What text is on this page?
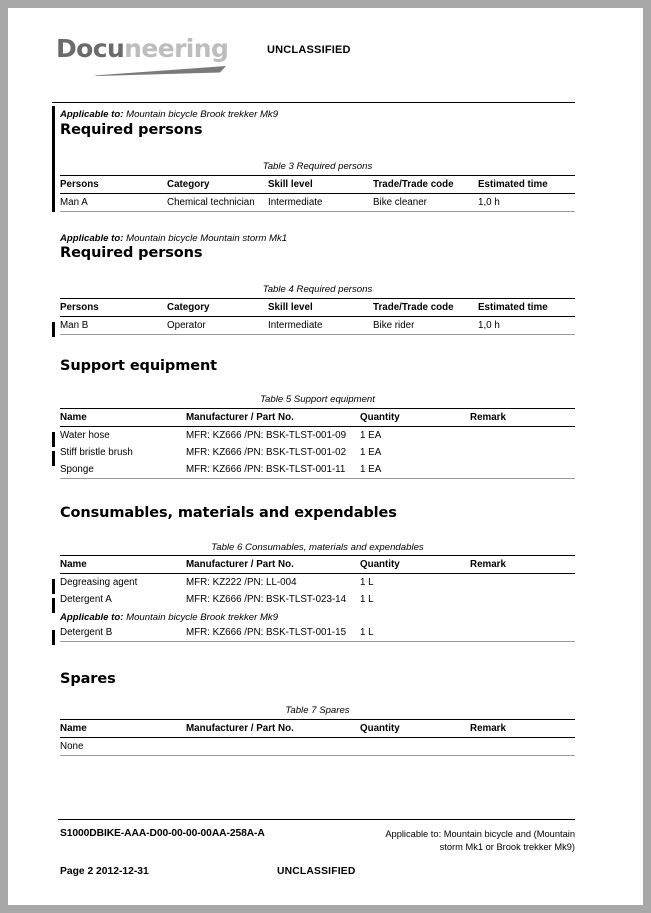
Docuneering	UNCLASSIFIED
Applicable to: Mountain bicycle Brook trekker Mk9
Required persons
Table 3 Required persons
Persons	Category	Skill level	Trade/Trade code	Estimated time
Man A	Chemical technician	Intermediate	Bike cleaner	1,0 h
Applicable to: Mountain bicycle Mountain storm Mk1
Required persons
Table 4 Required persons
Persons	Category	Skill level	Trade/Trade code	Estimated time
Man B	Operator	Intermediate	Bike rider	1,0 h
Support equipment
Table 5 Support equipment
Name	Manufacturer / Part No.	Quantity	Remark
Water hose	MFR: KZ666 /PN: BSK-TLST-001-09	1 EA	
Stiff bristle brush	MFR: KZ666 /PN: BSK-TLST-001-02	1 EA	
Sponge	MFR: KZ666 /PN: BSK-TLST-001-11	1 EA	
Consumables, materials and expendables
Table 6 Consumables, materials and expendables
Name	Manufacturer / Part No.	Quantity	Remark
Degreasing agent	MFR: KZ222 /PN: LL-004	1 L	
Detergent A	MFR: KZ666 /PN: BSK-TLST-023-14	1 L	
Applicable to: Mountain bicycle Brook trekker Mk9			
Detergent B	MFR: KZ666 /PN: BSK-TLST-001-15	1 L	
Spares
Table 7 Spares
Name	Manufacturer / Part No.	Quantity	Remark
None			
S1000DBIKE-AAA-D00-00-00-00AA-258A-A	Applicable to: Mountain bicycle and (Mountain storm Mk1 or Brook trekker Mk9)
Page 2 2012-12-31	UNCLASSIFIED
